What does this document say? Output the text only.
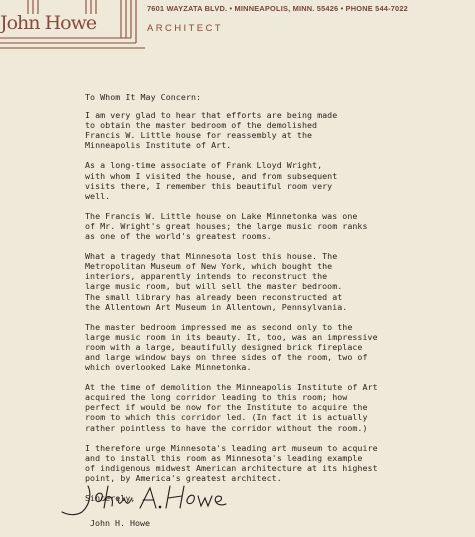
John Howe
7601 WAYZATA BLVD. • MINNEAPOLIS, MINN. 55426 • PHONE 544-7022
ARCHITECT

To Whom It May Concern:

I am very glad to hear that efforts are being made
to obtain the master bedroom of the demolished
Francis W. Little house for reassembly at the
Minneapolis Institute of Art.

As a long-time associate of Frank Lloyd Wright,
with whom I visited the house, and from subsequent
visits there, I remember this beautiful room very
well.

The Francis W. Little house on Lake Minnetonka was one
of Mr. Wright's great houses; the large music room ranks
as one of the world's greatest rooms.

What a tragedy that Minnesota lost this house. The
Metropolitan Museum of New York, which bought the
interiors, apparently intends to reconstruct the
large music room, but will sell the master bedroom.
The small library has already been reconstructed at
the Allentown Art Museum in Allentown, Pennsylvania.

The master bedroom impressed me as second only to the
large music room in its beauty. It, too, was an impressive
room with a large, beautifully designed brick fireplace
and large window bays on three sides of the room, two of
which overlooked Lake Minnetonka.

At the time of demolition the Minneapolis Institute of Art
acquired the long corridor leading to this room; how
perfect if would be now for the Institute to acquire the
room to which this corridor led. (In fact it is actually
rather pointless to have the corridor without the room.)

I therefore urge Minnesota's leading art museum to acquire
and to install this room as Minnesota's leading example
of indigenous midwest American architecture at its highest
point, by America's greatest architect.

Sincerely,

John H. Howe
